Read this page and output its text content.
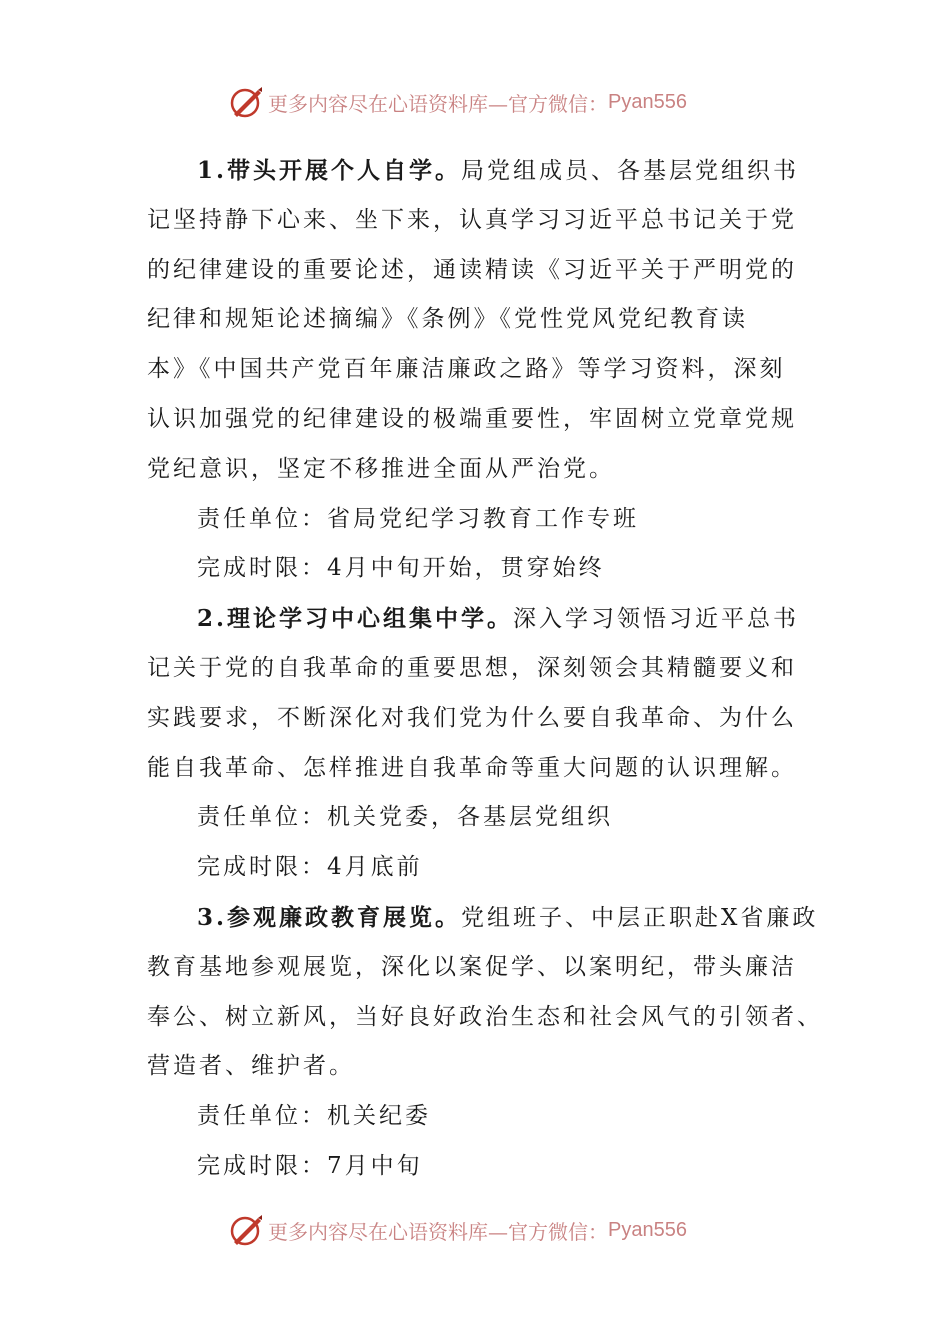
更多内容尽在心语资料库—官方微信： Pyan556
1.带头开展个人自学。局党组成员、各基层党组织书
记坚持静下心来、坐下来，认真学习习近平总书记关于党
的纪律建设的重要论述，通读精读《习近平关于严明党的
纪律和规矩论述摘编》《条例》《党性党风党纪教育读
本》《中国共产党百年廉洁廉政之路》等学习资料，深刻
认识加强党的纪律建设的极端重要性，牢固树立党章党规
党纪意识，坚定不移推进全面从严治党。
责任单位：省局党纪学习教育工作专班
完成时限：4月中旬开始，贯穿始终
2.理论学习中心组集中学。深入学习领悟习近平总书
记关于党的自我革命的重要思想，深刻领会其精髓要义和
实践要求，不断深化对我们党为什么要自我革命、为什么
能自我革命、怎样推进自我革命等重大问题的认识理解。
责任单位：机关党委，各基层党组织
完成时限：4月底前
3.参观廉政教育展览。党组班子、中层正职赴X省廉政
教育基地参观展览，深化以案促学、以案明纪，带头廉洁
奉公、树立新风，当好良好政治生态和社会风气的引领者、
营造者、维护者。
责任单位：机关纪委
完成时限：7月中旬
更多内容尽在心语资料库—官方微信： Pyan556
